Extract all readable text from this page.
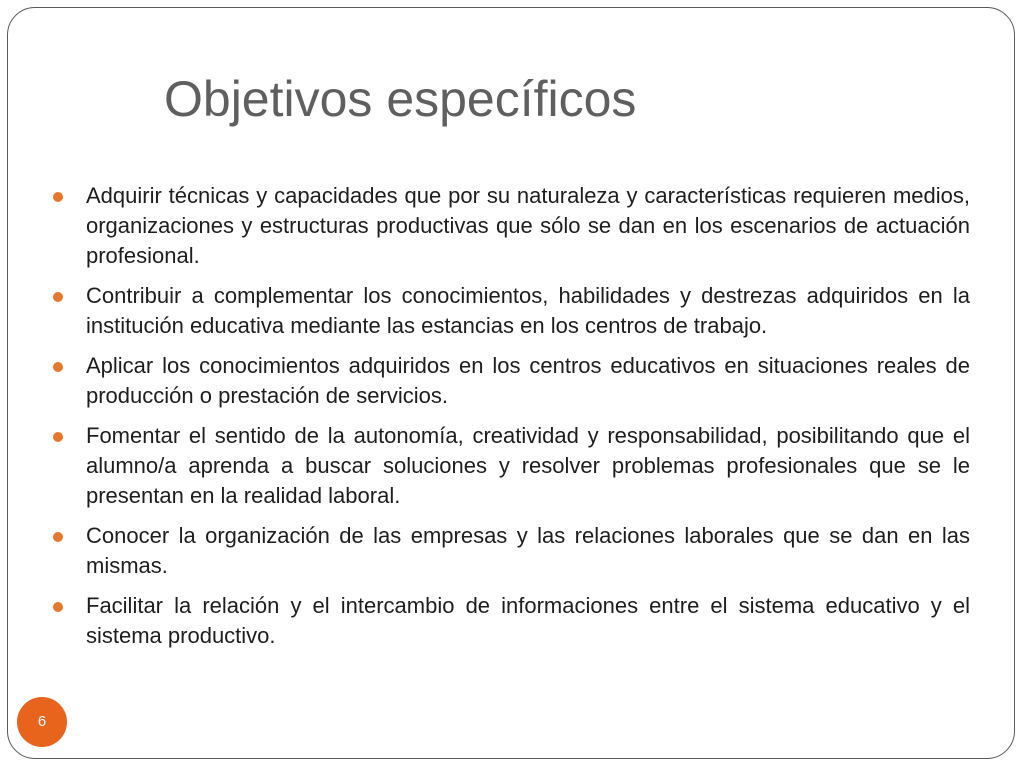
Objetivos específicos
Adquirir técnicas y capacidades que por su naturaleza y características requieren medios, organizaciones y estructuras productivas que sólo se dan en los escenarios de actuación profesional.
Contribuir a complementar los conocimientos, habilidades y destrezas adquiridos en la institución educativa mediante las estancias en los centros de trabajo.
Aplicar los conocimientos adquiridos en los centros educativos en situaciones reales de producción o prestación de servicios.
Fomentar el sentido de la autonomía, creatividad y responsabilidad, posibilitando que el alumno/a aprenda a buscar soluciones y resolver problemas profesionales que se le presentan en la realidad laboral.
Conocer la organización de las empresas y las relaciones laborales que se dan en las mismas.
Facilitar la relación y el intercambio de informaciones entre el sistema educativo y el sistema productivo.
6
